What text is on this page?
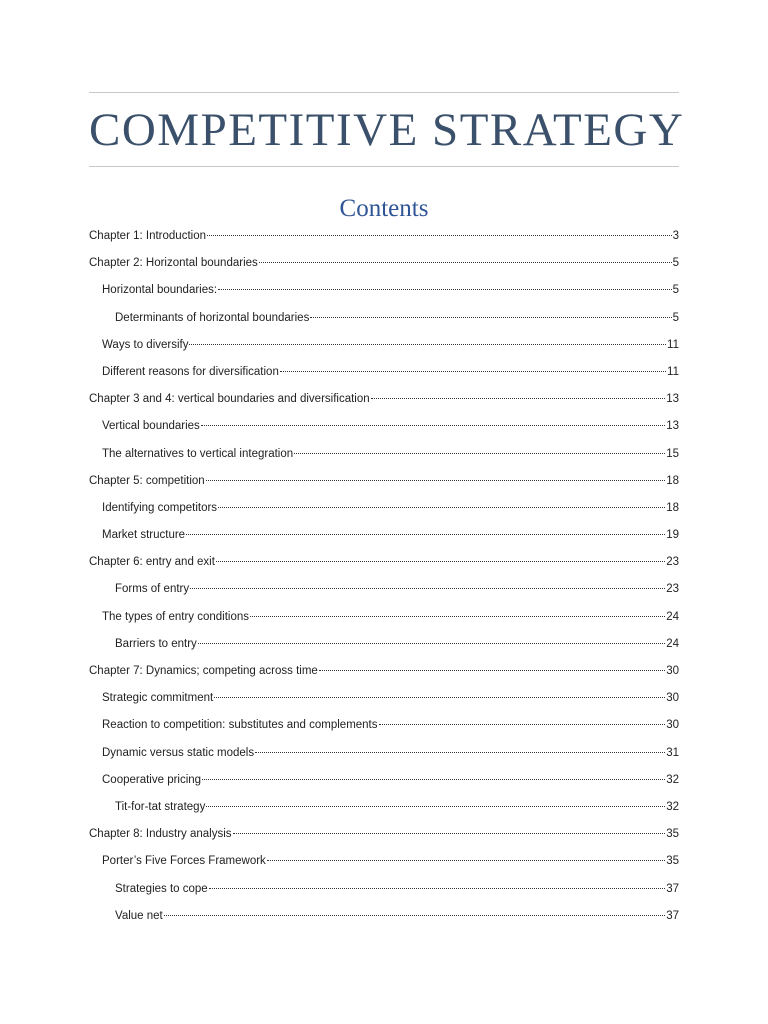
COMPETITIVE STRATEGY
Contents
Chapter 1: Introduction	3
Chapter 2: Horizontal boundaries	5
Horizontal boundaries:	5
Determinants of horizontal boundaries	5
Ways to diversify	11
Different reasons for diversification	11
Chapter 3 and 4: vertical boundaries and diversification	13
Vertical boundaries	13
The alternatives to vertical integration	15
Chapter 5: competition	18
Identifying competitors	18
Market structure	19
Chapter 6: entry and exit	23
Forms of entry	23
The types of entry conditions	24
Barriers to entry	24
Chapter 7: Dynamics; competing across time	30
Strategic commitment	30
Reaction to competition: substitutes and complements	30
Dynamic versus static models	31
Cooperative pricing	32
Tit-for-tat strategy	32
Chapter 8: Industry analysis	35
Porter’s Five Forces Framework	35
Strategies to cope	37
Value net	37
